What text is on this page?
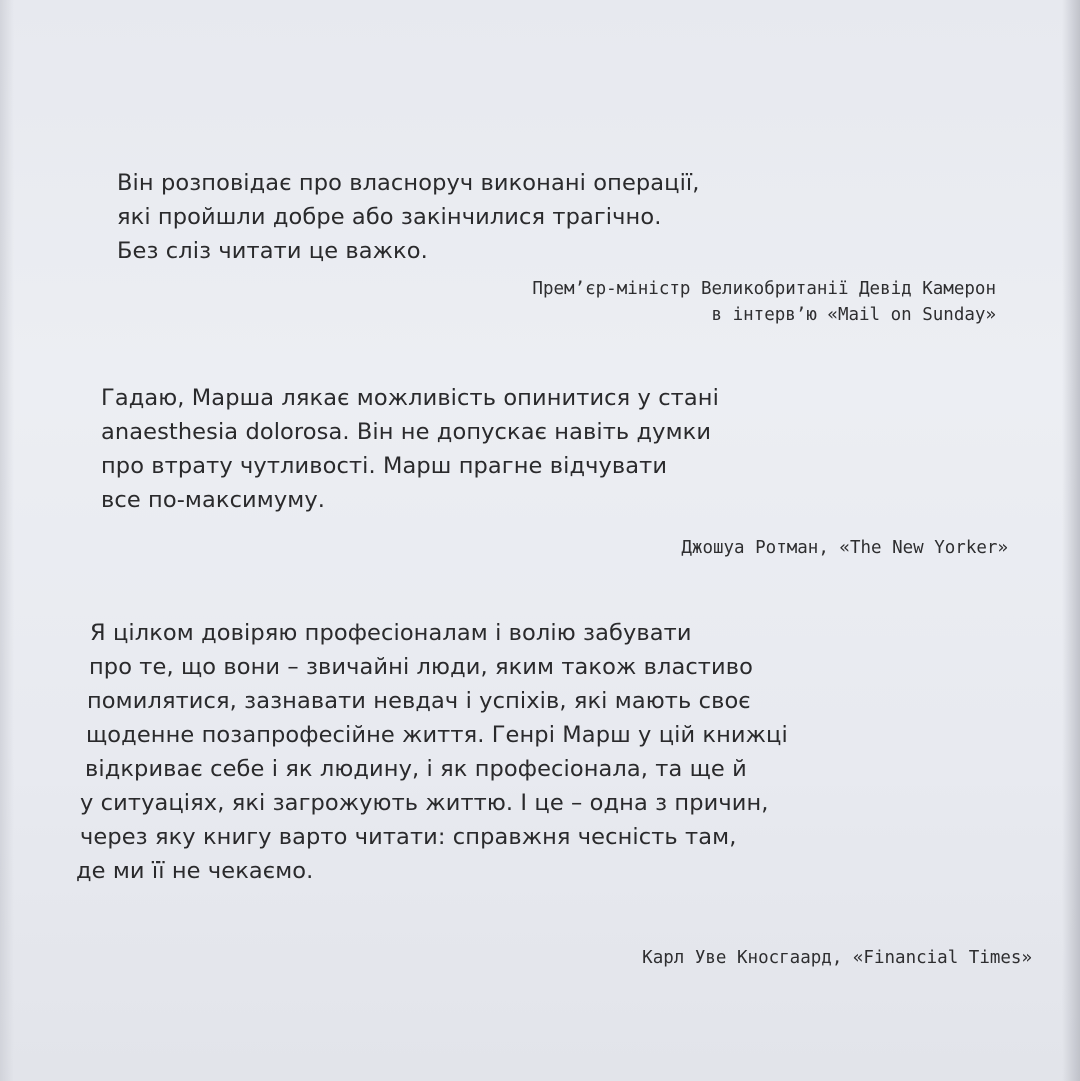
Він розповідає про власноруч виконані операції,
які пройшли добре або закінчилися трагічно.
Без сліз читати це важко.
Прем’єр-міністр Великобританії Девід Камерон
в інтерв’ю «Mail on Sunday»
Гадаю, Марша лякає можливість опинитися у стані
anaesthesia dolorosa. Він не допускає навіть думки
про втрату чутливості. Марш прагне відчувати
все по-максимуму.
Джошуа Ротман, «The New Yorker»
Я цілком довіряю професіоналам і волію забувати
про те, що вони – звичайні люди, яким також властиво
помилятися, зазнавати невдач і успіхів, які мають своє
щоденне позапрофесійне життя. Генрі Марш у цій книжці
відкриває себе і як людину, і як професіонала, та ще й
у ситуаціях, які загрожують життю. І це – одна з причин,
через яку книгу варто читати: справжня чесність там,
де ми її не чекаємо.
Карл Уве Кносгаард, «Financial Times»
